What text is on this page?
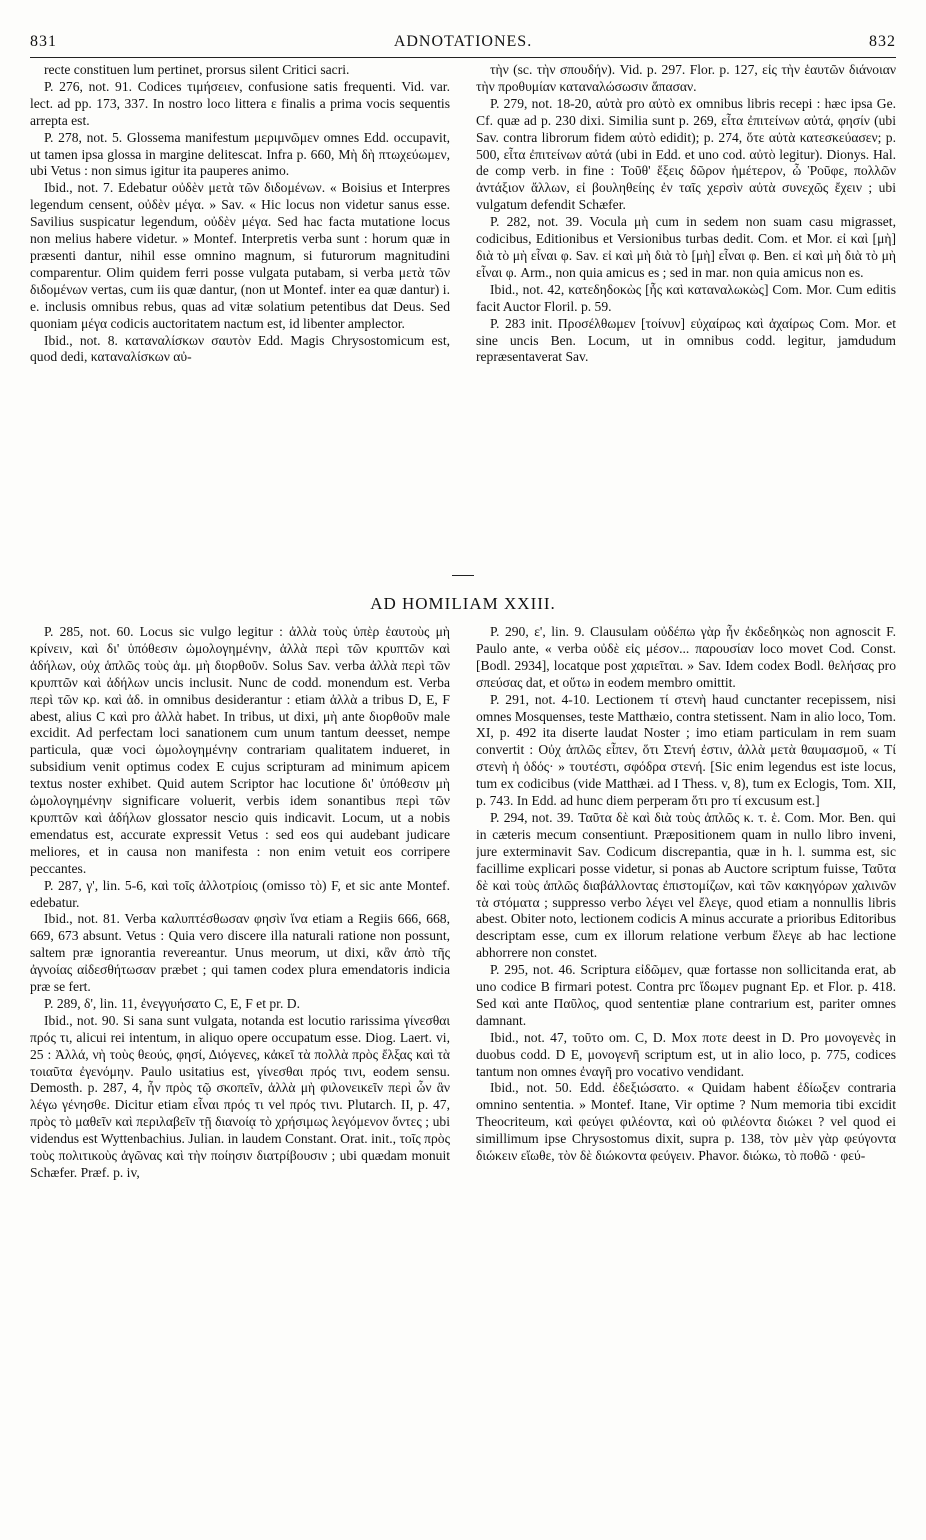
831	ADNOTATIONES.	832

recte constituen lum pertinet, prorsus silent Critici sacri.

P. 276, not. 91. Codices τιμήσειεν, confusione satis frequenti. Vid. var. lect. ad pp. 173, 337. In nostro loco littera ε finalis a prima vocis sequentis arrepta est.

P. 278, not. 5. Glossema manifestum μεριμνῶμεν omnes Edd. occupavit, ut tamen ipsa glossa in margine delitescat. Infra p. 660, Μὴ δὴ πτωχεύωμεν, ubi Vetus : non simus igitur ita pauperes animo.

Ibid., not. 7. Edebatur οὐδὲν μετὰ τῶν διδομένων. « Boisius et Interpres legendum censent, οὐδὲν μέγα. » Sav. « Hic locus non videtur sanus esse. Savilius suspicatur legendum, οὐδὲν μέγα. Sed hac facta mutatione locus non melius habere videtur. » Montef. Interpretis verba sunt : horum quæ in præsenti dantur, nihil esse omnino magnum, si futurorum magnitudini comparentur. Olim quidem ferri posse vulgata putabam, si verba μετὰ τῶν διδομένων vertas, cum iis quæ dantur, (non ut Montef. inter ea quæ dantur) i. e. inclusis omnibus rebus, quas ad vitæ solatium petentibus dat Deus. Sed quoniam μέγα codicis auctoritatem nactum est, id libenter amplector.

Ibid., not. 8. καταναλίσκων σαυτὸν Edd. Magis Chrysostomicum est, quod dedi, καταναλίσκων αὐ-

τὴν (sc. τὴν σπουδήν). Vid. p. 297. Flor. p. 127, εἰς τὴν ἑαυτῶν διάνοιαν τὴν προθυμίαν καταναλώσωσιν ἅπασαν.

P. 279, not. 18-20, αὐτὰ pro αὐτὸ ex omnibus libris recepi : hæc ipsa Ge. Cf. quæ ad p. 230 dixi. Similia sunt p. 269, εἶτα ἐπιτείνων αὐτά, φησίν (ubi Sav. contra librorum fidem αὐτὸ edidit); p. 274, ὅτε αὐτὰ κατεσκεύασεν; p. 500, εἶτα ἐπιτείνων αὐτά (ubi in Edd. et uno cod. αὐτὸ legitur). Dionys. Hal. de comp verb. in fine : Τοῦθ' ἕξεις δῶρον ἡμέτερον, ὦ Ῥοῦφε, πολλῶν ἀντάξιον ἄλλων, εἰ βουληθείης ἐν ταῖς χερσὶν αὐτὰ συνεχῶς ἔχειν ; ubi vulgatum defendit Schæfer.

P. 282, not. 39. Vocula μὴ cum in sedem non suam casu migrasset, codicibus, Editionibus et Versionibus turbas dedit. Com. et Mor. εἰ καὶ [μὴ] διὰ τὸ μὴ εἶναι φ. Sav. εἰ καὶ μὴ διὰ τὸ [μὴ] εἶναι φ. Ben. εἰ καὶ μὴ διὰ τὸ μὴ εἶναι φ. Arm., non quia amicus es ; sed in mar. non quia amicus non es.

Ibid., not. 42, κατεδηδοκὼς [ἧς καὶ καταναλωκὼς] Com. Mor. Cum editis facit Auctor Floril. p. 59.

P. 283 init. Προσέλθωμεν [τοίνυν] εὐχαίρως καὶ ἀχαίρως Com. Mor. et sine uncis Ben. Locum, ut in omnibus codd. legitur, jamdudum repræsentaverat Sav.

AD HOMILIAM XXIII.

P. 285, not. 60. Locus sic vulgo legitur : ἀλλὰ τοὺς ὑπὲρ ἑαυτοὺς μὴ κρίνειν, καὶ δι' ὑπόθεσιν ὡμολογημένην, ἀλλὰ περὶ τῶν κρυπτῶν καὶ ἀδήλων, οὐχ ἁπλῶς τοὺς ἁμ. μὴ διορθοῦν. Solus Sav. verba ἀλλὰ περὶ τῶν κρυπτῶν καὶ ἀδήλων uncis inclusit. Nunc de codd. monendum est. Verba περὶ τῶν κρ. καὶ ἀδ. in omnibus desiderantur : etiam ἀλλὰ a tribus D, E, F abest, alius C καὶ pro ἀλλὰ habet. In tribus, ut dixi, μὴ ante διορθοῦν male excidit. Ad perfectam loci sanationem cum unum tantum deesset, nempe particula, quæ voci ὡμολογημένην contrariam qualitatem indueret, in subsidium venit optimus codex E cujus scripturam ad minimum apicem textus noster exhibet. Quid autem Scriptor hac locutione δι' ὑπόθεσιν μὴ ὡμολογημένην significare voluerit, verbis idem sonantibus περὶ τῶν κρυπτῶν καὶ ἀδήλων glossator nescio quis indicavit. Locum, ut a nobis emendatus est, accurate expressit Vetus : sed eos qui audebant judicare meliores, et in causa non manifesta : non enim vetuit eos corripere peccantes.

P. 287, γ', lin. 5-6, καὶ τοῖς ἀλλοτρίοις (omisso τὸ) F, et sic ante Montef. edebatur.

Ibid., not. 81. Verba καλυπτέσθωσαν φησὶν ἵνα etiam a Regiis 666, 668, 669, 673 absunt. Vetus : Quia vero discere illa naturali ratione non possunt, saltem præ ignorantia revereantur. Unus meorum, ut dixi, κἂν ἀπὸ τῆς ἀγνοίας αἰδεσθήτωσαν præbet ; qui tamen codex plura emendatoris indicia præ se fert.

P. 289, δ', lin. 11, ἐνεγγυήσατο C, E, F et pr. D.

Ibid., not. 90. Si sana sunt vulgata, notanda est locutio rarissima γίνεσθαι πρός τι, alicui rei intentum, in aliquo opere occupatum esse. Diog. Laert. vi, 25 : Ἀλλά, νὴ τοὺς θεούς, φησί, Διόγενες, κἀκεῖ τὰ πολλὰ πρὸς ἔλξας καὶ τὰ τοιαῦτα ἐγενόμην. Paulo usitatius est, γίνεσθαι πρός τινι, eodem sensu. Demosth. p. 287, 4, ἦν πρὸς τῷ σκοπεῖν, ἀλλὰ μὴ φιλονεικεῖν περὶ ὧν ἂν λέγω γένησθε. Dicitur etiam εἶναι πρός τι vel πρός τινι. Plutarch. II, p. 47, πρὸς τὸ μαθεῖν καὶ περιλαβεῖν τῇ διανοίᾳ τὸ χρήσιμως λεγόμενον ὄντες ; ubi videndus est Wyttenbachius. Julian. in laudem Constant. Orat. init., τοῖς πρὸς τοὺς πολιτικοὺς ἀγῶνας καὶ τὴν ποίησιν διατρίβουσιν ; ubi quædam monuit Schæfer. Præf. p. iv,

P. 290, ε', lin. 9. Clausulam οὐδέπω γὰρ ἦν ἐκδεδηκὼς non agnoscit F. Paulo ante, « verba οὐδὲ εἰς μέσον... παρουσίαν loco movet Cod. Const. [Bodl. 2934], locatque post χαριεῖται. » Sav. Idem codex Bodl. θελήσας pro σπεύσας dat, et οὕτω in eodem membro omittit.

P. 291, not. 4-10. Lectionem τί στενὴ haud cunctanter recepissem, nisi omnes Mosquenses, teste Matthæio, contra stetissent. Nam in alio loco, Tom. XI, p. 492 ita diserte laudat Noster ; imo etiam particulam in rem suam convertit : Οὐχ ἁπλῶς εἶπεν, ὅτι Στενή ἐστιν, ἀλλὰ μετὰ θαυμασμοῦ, « Τί στενὴ ἡ ὁδός· » τουτέστι, σφόδρα στενή. [Sic enim legendus est iste locus, tum ex codicibus (vide Matthæi. ad I Thess. v, 8), tum ex Eclogis, Tom. XII, p. 743. In Edd. ad hunc diem perperam ὅτι pro τί excusum est.]

P. 294, not. 39. Ταῦτα δὲ καὶ διὰ τοὺς ἁπλῶς κ. τ. ἑ. Com. Mor. Ben. qui in cæteris mecum consentiunt. Præpositionem quam in nullo libro inveni, jure exterminavit Sav. Codicum discrepantia, quæ in h. l. summa est, sic facillime explicari posse videtur, si ponas ab Auctore scriptum fuisse, Ταῦτα δὲ καὶ τοὺς ἁπλῶς διαβάλλοντας ἐπιστομίζων, καὶ τῶν κακηγόρων χαλινῶν τὰ στόματα ; suppresso verbo λέγει vel ἔλεγε, quod etiam a nonnullis libris abest. Obiter noto, lectionem codicis A minus accurate a prioribus Editoribus descriptam esse, cum ex illorum relatione verbum ἔλεγε ab hac lectione abhorrere non constet.

P. 295, not. 46. Scriptura εἰδῶμεν, quæ fortasse non sollicitanda erat, ab uno codice B firmari potest. Contra prc ἴδωμεν pugnant Ep. et Flor. p. 418. Sed καὶ ante Παῦλος, quod sententiæ plane contrarium est, pariter omnes damnant.

Ibid., not. 47, τοῦτο om. C, D. Mox ποτε deest in D. Pro μονογενὲς in duobus codd. D E, μονογενῆ scriptum est, ut in alio loco, p. 775, codices tantum non omnes ἐναγῆ pro vocativo vendidant.

Ibid., not. 50. Edd. ἐδεξιώσατο. « Quidam habent ἐδίωξεν contraria omnino sententia. » Montef. Itane, Vir optime ? Num memoria tibi excidit Theocriteum, καὶ φεύγει φιλέοντα, καὶ οὐ φιλέοντα διώκει ? vel quod ei simillimum ipse Chrysostomus dixit, supra p. 138, τὸν μὲν γὰρ φεύγοντα διώκειν εἴωθε, τὸν δὲ διώκοντα φεύγειν. Phavor. διώκω, τὸ ποθῶ · φεύ-
